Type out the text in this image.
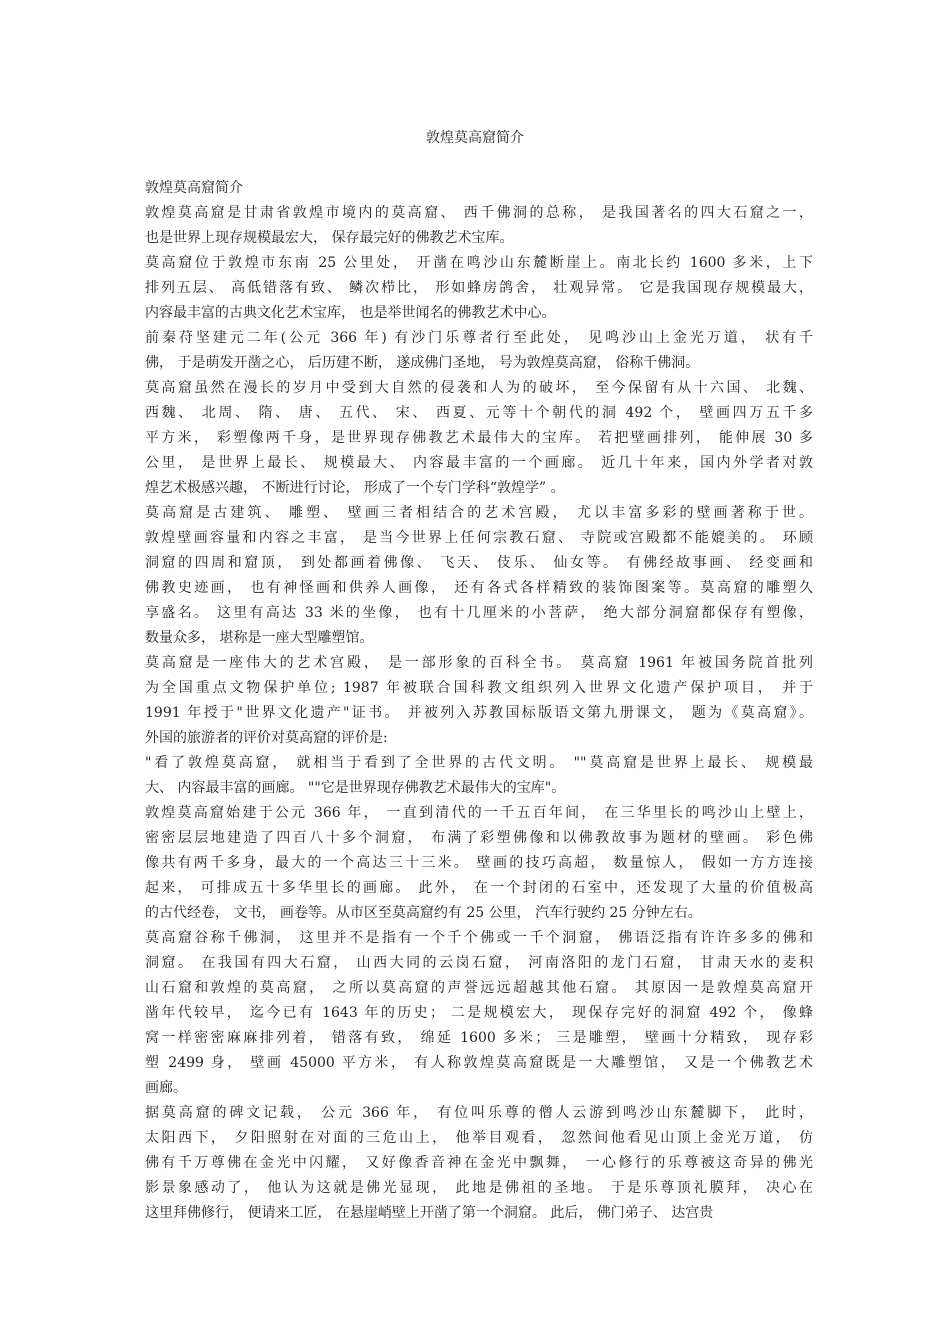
敦煌莫高窟简介
敦煌莫高窟简介
敦煌莫高窟是甘肃省敦煌市境内的莫高窟、 西千佛洞的总称， 是我国著名的四大石窟之一，
也是世界上现存规模最宏大， 保存最完好的佛教艺术宝库。
莫高窟位于敦煌市东南 25 公里处， 开凿在鸣沙山东麓断崖上。南北长约 1600 多米，上下
排列五层、 高低错落有致、 鳞次栉比， 形如蜂房鸽舍， 壮观异常。 它是我国现存规模最大，
内容最丰富的古典文化艺术宝库， 也是举世闻名的佛教艺术中心。
前秦苻坚建元二年(公元 366 年) 有沙门乐尊者行至此处， 见鸣沙山上金光万道， 状有千
佛， 于是萌发开凿之心， 后历建不断， 遂成佛门圣地， 号为敦煌莫高窟， 俗称千佛洞。
莫高窟虽然在漫长的岁月中受到大自然的侵袭和人为的破坏， 至今保留有从十六国、 北魏、
西魏、 北周、 隋、 唐、 五代、 宋、 西夏、元等十个朝代的洞 492 个， 壁画四万五千多
平方米， 彩塑像两千身，是世界现存佛教艺术最伟大的宝库。 若把壁画排列， 能伸展 30 多
公里， 是世界上最长、 规模最大、 内容最丰富的一个画廊。 近几十年来，国内外学者对敦
煌艺术极感兴趣， 不断进行讨论， 形成了一个专门学科“敦煌学” 。
莫高窟是古建筑、 雕塑、 壁画三者相结合的艺术宫殿， 尤以丰富多彩的壁画著称于世。
敦煌壁画容量和内容之丰富， 是当今世界上任何宗教石窟、 寺院或宫殿都不能媲美的。 环顾
洞窟的四周和窟顶， 到处都画着佛像、 飞天、 伎乐、 仙女等。 有佛经故事画、 经变画和
佛教史迹画， 也有神怪画和供养人画像， 还有各式各样精致的装饰图案等。莫高窟的雕塑久
享盛名。 这里有高达 33 米的坐像， 也有十几厘米的小菩萨， 绝大部分洞窟都保存有塑像，
数量众多， 堪称是一座大型雕塑馆。
莫高窟是一座伟大的艺术宫殿， 是一部形象的百科全书。 莫高窟 1961 年被国务院首批列
为全国重点文物保护单位; 1987 年被联合国科教文组织列入世界文化遗产保护项目， 并于
1991 年授于"世界文化遗产"证书。 并被列入苏教国标版语文第九册课文， 题为《莫高窟》。
外国的旅游者的评价对莫高窟的评价是:
"看了敦煌莫高窟， 就相当于看到了全世界的古代文明。 ""莫高窟是世界上最长、 规模最
大、 内容最丰富的画廊。 ""它是世界现存佛教艺术最伟大的宝库"。
敦煌莫高窟始建于公元 366 年， 一直到清代的一千五百年间， 在三华里长的鸣沙山上壁上，
密密层层地建造了四百八十多个洞窟， 布满了彩塑佛像和以佛教故事为题材的壁画。 彩色佛
像共有两千多身，最大的一个高达三十三米。 壁画的技巧高超， 数量惊人， 假如一方方连接
起来， 可排成五十多华里长的画廊。 此外， 在一个封闭的石室中，还发现了大量的价值极高
的古代经卷， 文书， 画卷等。从市区至莫高窟约有 25 公里， 汽车行驶约 25 分钟左右。
莫高窟谷称千佛洞， 这里并不是指有一个千个佛或一千个洞窟， 佛语泛指有许许多多的佛和
洞窟。 在我国有四大石窟， 山西大同的云岗石窟， 河南洛阳的龙门石窟， 甘肃天水的麦积
山石窟和敦煌的莫高窟， 之所以莫高窟的声誉远远超越其他石窟。 其原因一是敦煌莫高窟开
凿年代较早， 迄今已有 1643 年的历史； 二是规模宏大， 现保存完好的洞窟 492 个， 像蜂
窝一样密密麻麻排列着， 错落有致， 绵延 1600 多米； 三是雕塑， 壁画十分精致， 现存彩
塑 2499 身， 壁画 45000 平方米， 有人称敦煌莫高窟既是一大雕塑馆， 又是一个佛教艺术
画廊。
据莫高窟的碑文记载， 公元 366 年， 有位叫乐尊的僧人云游到鸣沙山东麓脚下， 此时，
太阳西下， 夕阳照射在对面的三危山上， 他举目观看， 忽然间他看见山顶上金光万道， 仿
佛有千万尊佛在金光中闪耀， 又好像香音神在金光中飘舞， 一心修行的乐尊被这奇异的佛光
影景象感动了， 他认为这就是佛光显现， 此地是佛祖的圣地。 于是乐尊顶礼膜拜， 决心在
这里拜佛修行， 便请来工匠， 在悬崖峭壁上开凿了第一个洞窟。 此后， 佛门弟子、 达宫贵
